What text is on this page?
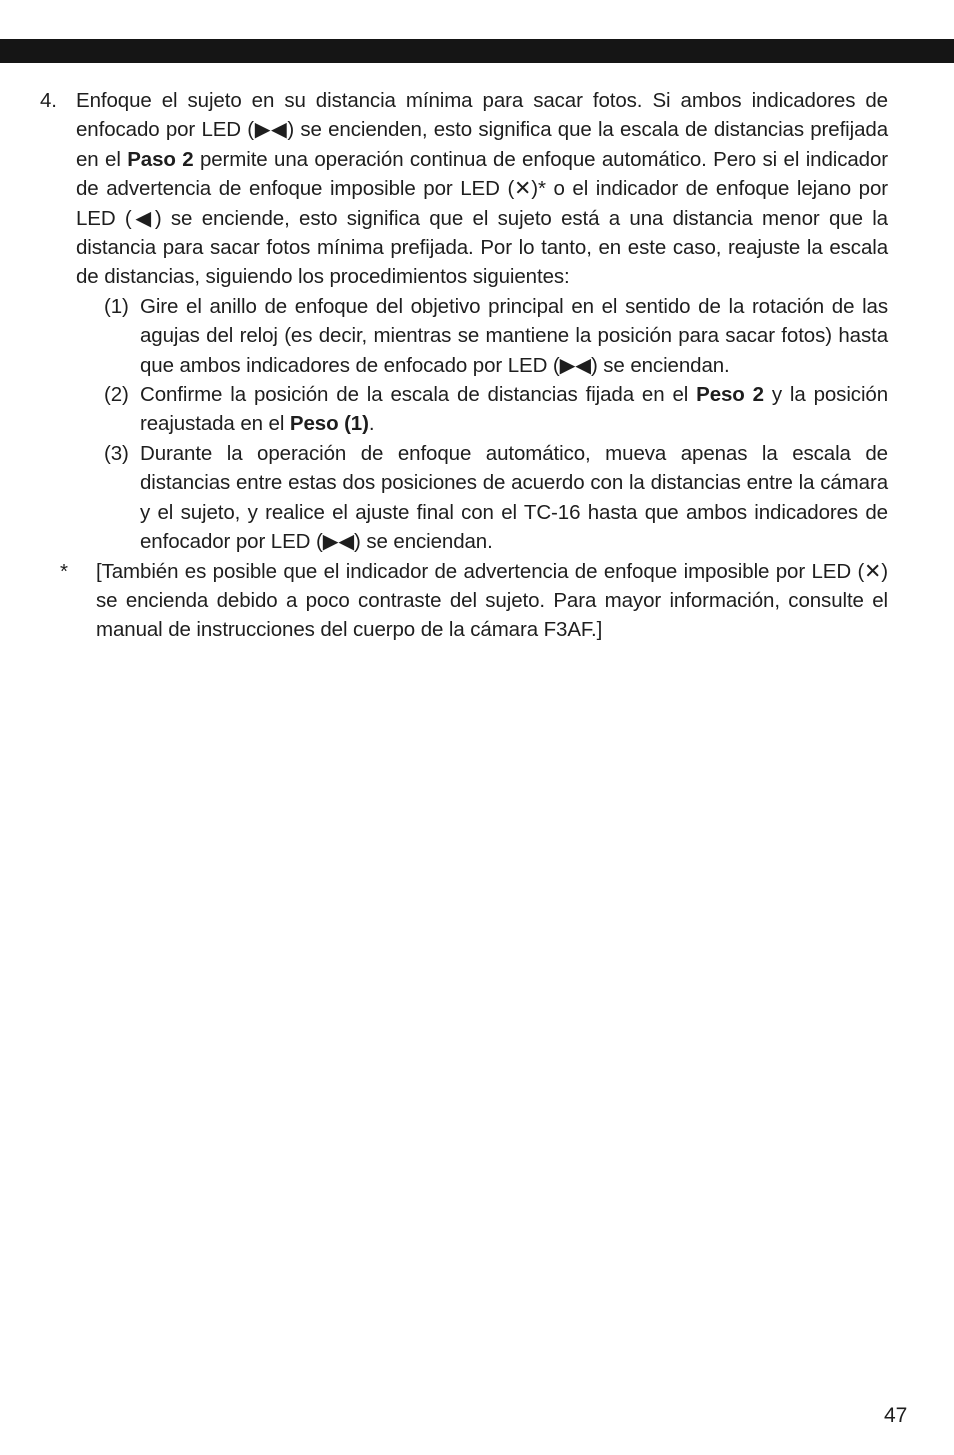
4. Enfoque el sujeto en su distancia mínima para sacar fotos. Si ambos indicadores de enfocado por LED (▶◀) se encienden, esto significa que la escala de distancias prefijada en el Paso 2 permite una operación continua de enfoque automático. Pero si el indicador de advertencia de enfoque imposible por LED (✕)* o el indicador de enfoque lejano por LED (◀) se enciende, esto significa que el sujeto está a una distancia menor que la distancia para sacar fotos mínima prefijada. Por lo tanto, en este caso, reajuste la escala de distancias, siguiendo los procedimientos siguientes:

(1) Gire el anillo de enfoque del objetivo principal en el sentido de la rotación de las agujas del reloj (es decir, mientras se mantiene la posición para sacar fotos) hasta que ambos indicadores de enfocado por LED (▶◀) se enciendan.

(2) Confirme la posición de la escala de distancias fijada en el Peso 2 y la posición reajustada en el Peso (1).

(3) Durante la operación de enfoque automático, mueva apenas la escala de distancias entre estas dos posiciones de acuerdo con la distancias entre la cámara y el sujeto, y realice el ajuste final con el TC-16 hasta que ambos indicadores de enfocador por LED (▶◀) se enciendan.

* [También es posible que el indicador de advertencia de enfoque imposible por LED (✕) se encienda debido a poco contraste del sujeto. Para mayor información, consulte el manual de instrucciones del cuerpo de la cámara F3AF.]

47
